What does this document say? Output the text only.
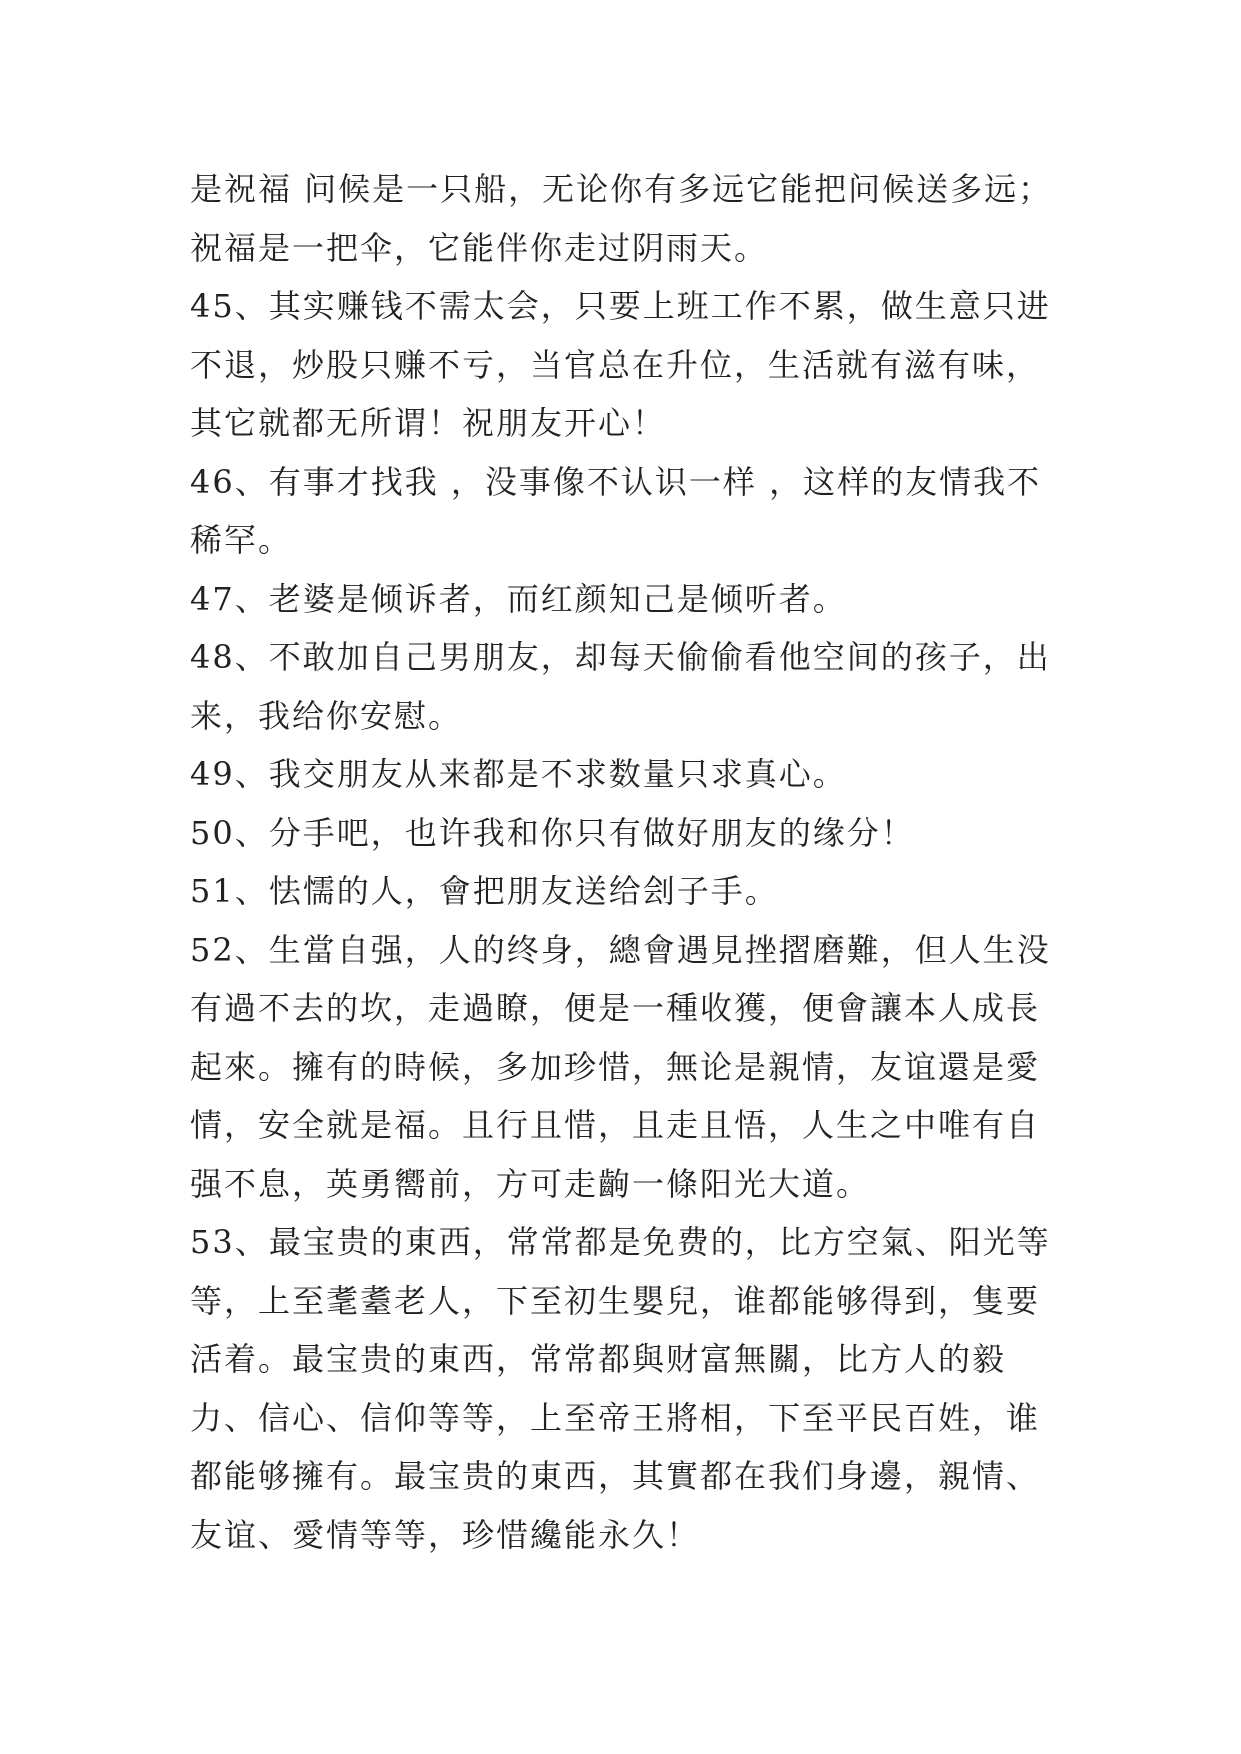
是祝福 问候是一只船，无论你有多远它能把问候送多远；祝福是一把伞，它能伴你走过阴雨天。

45、其实赚钱不需太会，只要上班工作不累，做生意只进不退，炒股只赚不亏，当官总在升位，生活就有滋有味，其它就都无所谓！祝朋友开心！

46、有事才找我 ，没事像不认识一样 ，这样的友情我不稀罕。

47、老婆是倾诉者，而红颜知己是倾听者。

48、不敢加自己男朋友，却每天偷偷看他空间的孩子，出来，我给你安慰。

49、我交朋友从来都是不求数量只求真心。

50、分手吧，也许我和你只有做好朋友的缘分！

51、怯懦的人，會把朋友送给刽子手。

52、生當自强，人的终身，總會遇見挫摺磨難，但人生没有過不去的坎，走過瞭，便是一種收獲，便會讓本人成長起來。擁有的時候，多加珍惜，無论是親情，友谊還是愛情，安全就是福。且行且惜，且走且悟，人生之中唯有自强不息，英勇嚮前，方可走齣一條阳光大道。

53、最宝贵的東西，常常都是免费的，比方空氣、阳光等等，上至耄耋老人，下至初生嬰兒，谁都能够得到，隻要活着。最宝贵的東西，常常都與财富無關，比方人的毅力、信心、信仰等等，上至帝王將相，下至平民百姓，谁都能够擁有。最宝贵的東西，其實都在我们身邊，親情、友谊、愛情等等，珍惜纔能永久！
